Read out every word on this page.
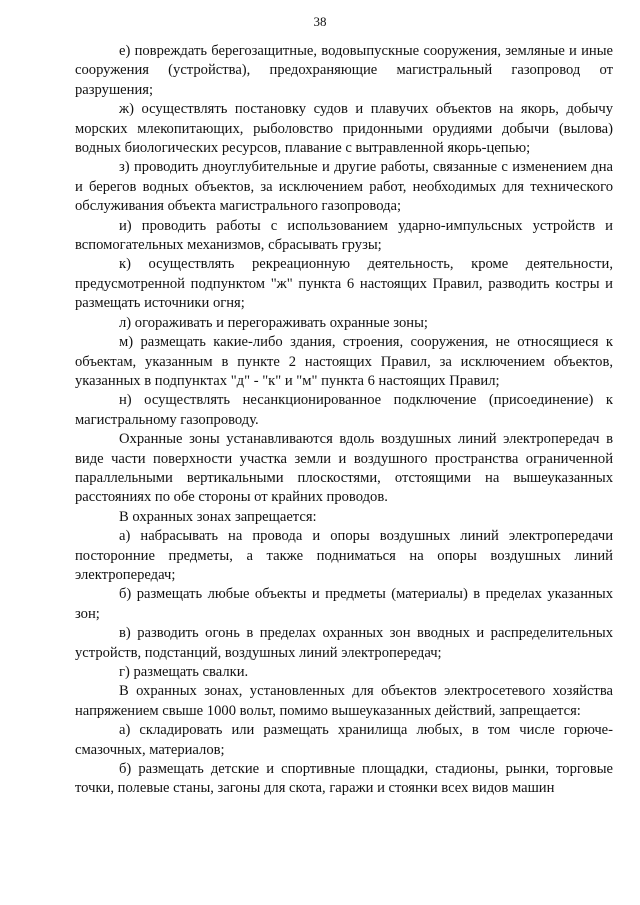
38

е) повреждать берегозащитные, водовыпускные сооружения, земляные и иные сооружения (устройства), предохраняющие магистральный газопровод от разрушения;

ж) осуществлять постановку судов и плавучих объектов на якорь, добычу морских млекопитающих, рыболовство придонными орудиями добычи (вылова) водных биологических ресурсов, плавание с вытравленной якорь-цепью;

з) проводить дноуглубительные и другие работы, связанные с изменением дна и берегов водных объектов, за исключением работ, необходимых для технического обслуживания объекта магистрального газопровода;

и) проводить работы с использованием ударно-импульсных устройств и вспомогательных механизмов, сбрасывать грузы;

к) осуществлять рекреационную деятельность, кроме деятельности, предусмотренной подпунктом "ж" пункта 6 настоящих Правил, разводить костры и размещать источники огня;

л) огораживать и перегораживать охранные зоны;

м) размещать какие-либо здания, строения, сооружения, не относящиеся к объектам, указанным в пункте 2 настоящих Правил, за исключением объектов, указанных в подпунктах "д" - "к" и "м" пункта 6 настоящих Правил;

н) осуществлять несанкционированное подключение (присоединение) к магистральному газопроводу.

Охранные зоны устанавливаются вдоль воздушных линий электропередач в виде части поверхности участка земли и воздушного пространства ограниченной параллельными вертикальными плоскостями, отстоящими на вышеуказанных расстояниях по обе стороны от крайних проводов.

В охранных зонах запрещается:

а) набрасывать на провода и опоры воздушных линий электропередачи посторонние предметы, а также подниматься на опоры воздушных линий электропередач;

б) размещать любые объекты и предметы (материалы) в пределах указанных зон;

в) разводить огонь в пределах охранных зон вводных и распределительных устройств, подстанций, воздушных линий электропередач;

г) размещать свалки.

В охранных зонах, установленных для объектов электросетевого хозяйства напряжением свыше 1000 вольт, помимо вышеуказанных действий, запрещается:

а) складировать или размещать хранилища любых, в том числе горюче-смазочных, материалов;

б) размещать детские и спортивные площадки, стадионы, рынки, торговые точки, полевые станы, загоны для скота, гаражи и стоянки всех видов машин
